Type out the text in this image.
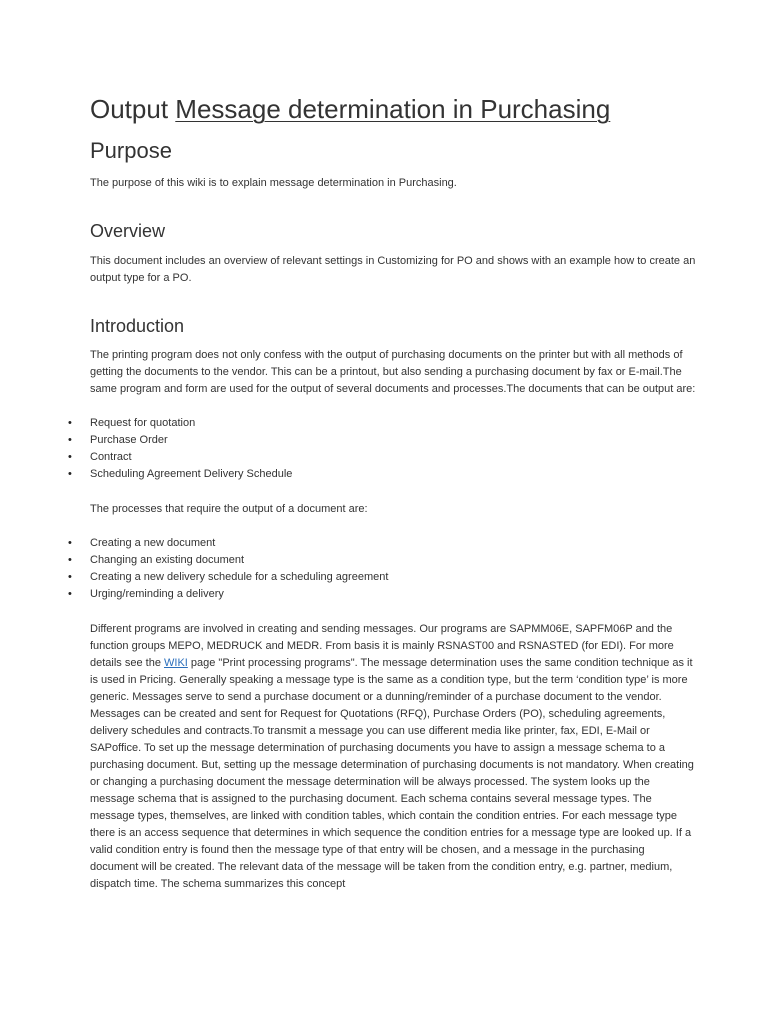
Output Message determination in Purchasing
Purpose

The purpose of this wiki is to explain message determination in Purchasing.

Overview

This document includes an overview of relevant settings in Customizing for PO and shows with an example how to create an
output type for a PO.

Introduction

The printing program does not only confess with the output of purchasing documents on the printer but with all methods of
getting the documents to the vendor. This can be a printout, but also sending a purchasing document by fax or E-mail.The
same program and form are used for the output of several documents and processes.The documents that can be output are:

• Request for quotation
• Purchase Order
• Contract
• Scheduling Agreement Delivery Schedule

The processes that require the output of a document are:

• Creating a new document
• Changing an existing document
• Creating a new delivery schedule for a scheduling agreement
• Urging/reminding a delivery

Different programs are involved in creating and sending messages. Our programs are SAPMM06E, SAPFM06P and the
function groups MEPO, MEDRUCK and MEDR. From basis it is mainly RSNAST00 and RSNASTED (for EDI). For more
details see the WIKI page "Print processing programs". The message determination uses the same condition technique as it
is used in Pricing. Generally speaking a message type is the same as a condition type, but the term ‘condition type’ is more
generic. Messages serve to send a purchase document or a dunning/reminder of a purchase document to the vendor.
Messages can be created and sent for Request for Quotations (RFQ), Purchase Orders (PO), scheduling agreements,
delivery schedules and contracts.To transmit a message you can use different media like printer, fax, EDI, E-Mail or
SAPoffice. To set up the message determination of purchasing documents you have to assign a message schema to a
purchasing document. But, setting up the message determination of purchasing documents is not mandatory. When creating
or changing a purchasing document the message determination will be always processed. The system looks up the
message schema that is assigned to the purchasing document. Each schema contains several message types. The
message types, themselves, are linked with condition tables, which contain the condition entries. For each message type
there is an access sequence that determines in which sequence the condition entries for a message type are looked up. If a
valid condition entry is found then the message type of that entry will be chosen, and a message in the purchasing
document will be created. The relevant data of the message will be taken from the condition entry, e.g. partner, medium,
dispatch time. The schema summarizes this concept
